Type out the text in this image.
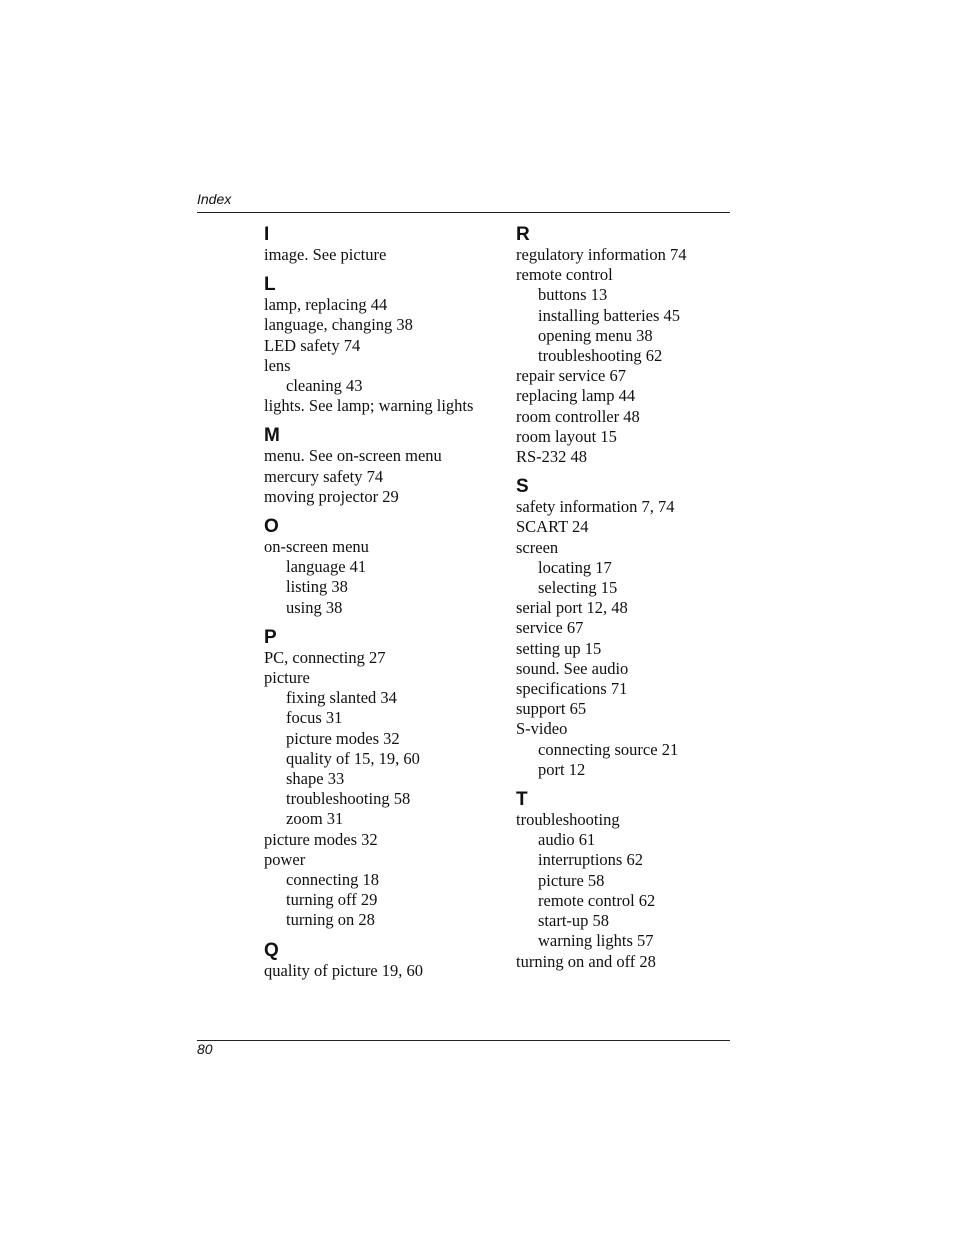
Index
I
image. See picture
L
lamp, replacing 44
language, changing 38
LED safety 74
lens
cleaning 43
lights. See lamp; warning lights
M
menu. See on-screen menu
mercury safety 74
moving projector 29
O
on-screen menu
language 41
listing 38
using 38
P
PC, connecting 27
picture
fixing slanted 34
focus 31
picture modes 32
quality of 15, 19, 60
shape 33
troubleshooting 58
zoom 31
picture modes 32
power
connecting 18
turning off 29
turning on 28
Q
quality of picture 19, 60
R
regulatory information 74
remote control
buttons 13
installing batteries 45
opening menu 38
troubleshooting 62
repair service 67
replacing lamp 44
room controller 48
room layout 15
RS-232 48
S
safety information 7, 74
SCART 24
screen
locating 17
selecting 15
serial port 12, 48
service 67
setting up 15
sound. See audio
specifications 71
support 65
S-video
connecting source 21
port 12
T
troubleshooting
audio 61
interruptions 62
picture 58
remote control 62
start-up 58
warning lights 57
turning on and off 28
80
